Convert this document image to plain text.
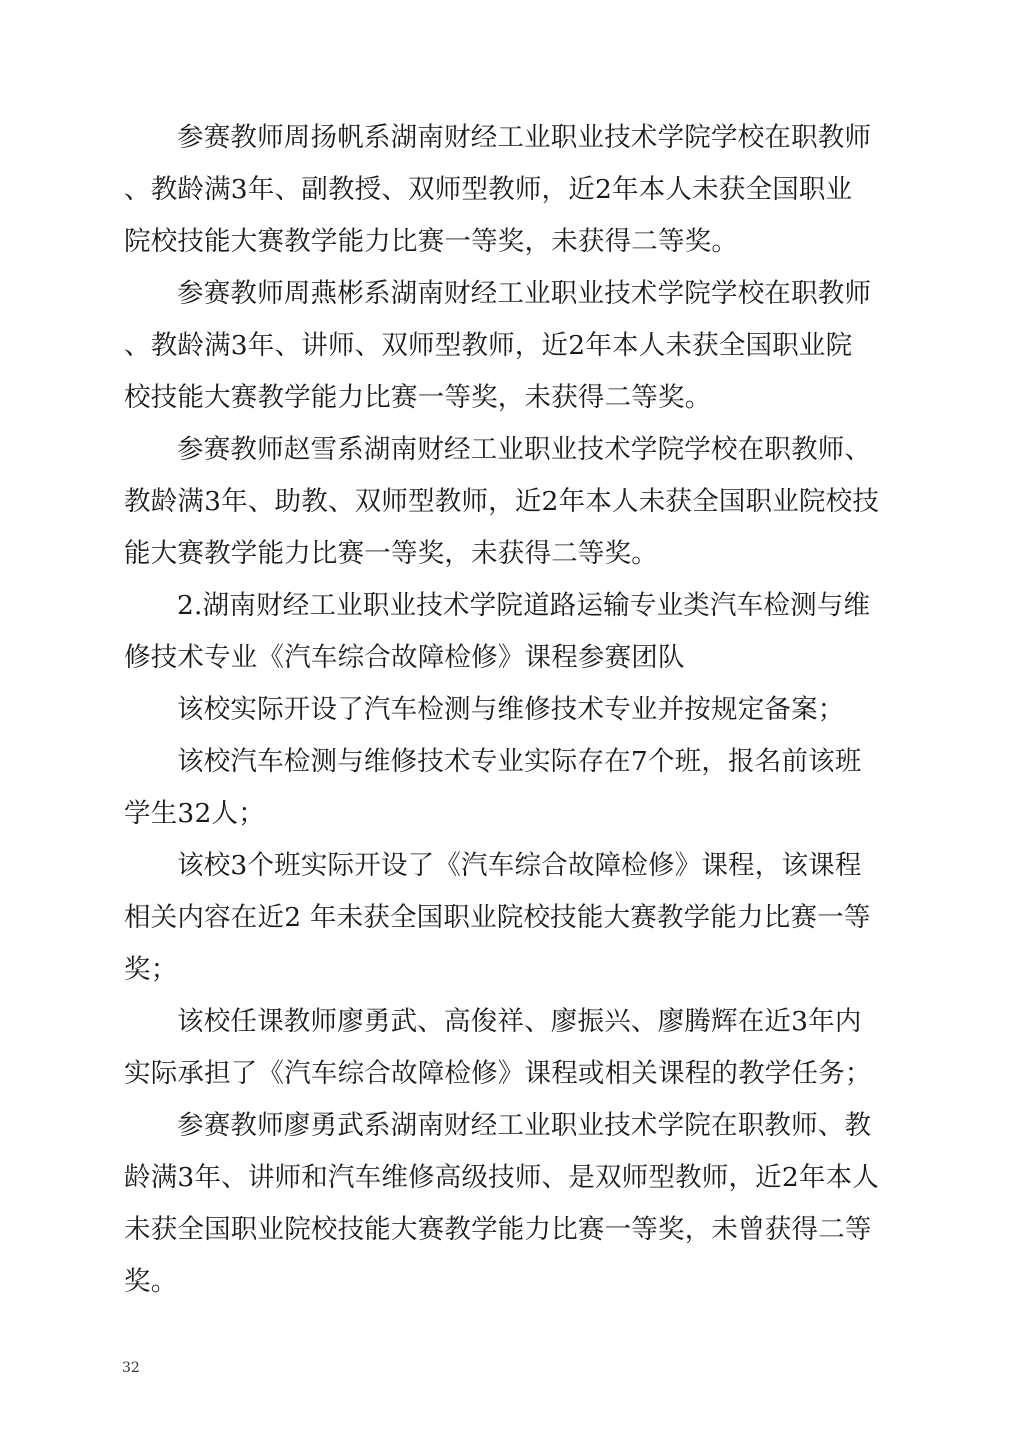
参赛教师周扬帆系湖南财经工业职业技术学院学校在职教师
、教龄满3年、副教授、双师型教师，近2年本人未获全国职业
院校技能大赛教学能力比赛一等奖，未获得二等奖。

参赛教师周燕彬系湖南财经工业职业技术学院学校在职教师
、教龄满3年、讲师、双师型教师，近2年本人未获全国职业院
校技能大赛教学能力比赛一等奖，未获得二等奖。

参赛教师赵雪系湖南财经工业职业技术学院学校在职教师、
教龄满3年、助教、双师型教师，近2年本人未获全国职业院校技
能大赛教学能力比赛一等奖，未获得二等奖。

2.湖南财经工业职业技术学院道路运输专业类汽车检测与维
修技术专业《汽车综合故障检修》课程参赛团队

该校实际开设了汽车检测与维修技术专业并按规定备案；

该校汽车检测与维修技术专业实际存在7个班，报名前该班
学生32人；

该校3个班实际开设了《汽车综合故障检修》课程，该课程
相关内容在近2 年未获全国职业院校技能大赛教学能力比赛一等
奖；

该校任课教师廖勇武、高俊祥、廖振兴、廖腾辉在近3年内
实际承担了《汽车综合故障检修》课程或相关课程的教学任务；

参赛教师廖勇武系湖南财经工业职业技术学院在职教师、教
龄满3年、讲师和汽车维修高级技师、是双师型教师，近2年本人
未获全国职业院校技能大赛教学能力比赛一等奖，未曾获得二等
奖。

32
